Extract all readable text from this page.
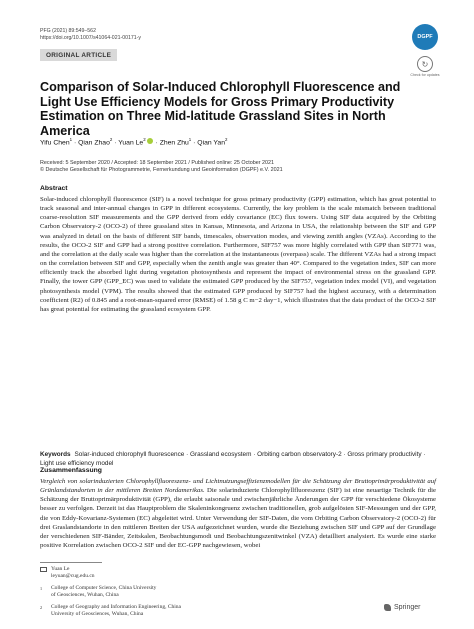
PFG (2021) 89:549–562
https://doi.org/10.1007/s41064-021-00171-y
ORIGINAL ARTICLE
DGPF
↻
Check for updates
Comparison of Solar-Induced Chlorophyll Fluorescence and Light Use Efficiency Models for Gross Primary Productivity Estimation on Three Mid-latitude Grassland Sites in North America
Yifu Chen$^1$ · Qian Zhao$^2$ · Yuan $Le^2$ · Zhen Zhu$^1$ · Qian Yan$^2$
Received: 5 September 2020 / Accepted: 18 September 2021 / Published online: 25 October 2021
© Deutsche Gesellschaft für Photogrammetrie, Fernerkundung und Geoinformation (DGPF) e.V. 2021
Abstract

Solar-induced chlorophyll fluorescence (SIF) is a novel technique for gross primary productivity (GPP) estimation, which has great potential to track seasonal and inter-annual changes in GPP in different ecosystems. Currently, the key problem is the scale mismatch between traditional coarse-resolution SIF measurements and the GPP derived from eddy covariance (EC) flux towers. Using SIF data acquired by the Orbiting Carbon Observatory-2 (OCO-2) of three grassland sites in Kansas, Minnesota, and Arizona in USA, the relationship between the SIF and GPP was analyzed in detail on the basis of different SIF bands, timescales, observation modes, and viewing zenith angles (VZAs). According to the results, the OCO-2 SIF and GPP had a strong positive correlation. Furthermore, SIF757 was more highly correlated with GPP than SIF771 was, and the correlation at the daily scale was higher than the correlation at the instantaneous (overpass) scale. The different VZAs had a strong impact on the correlation between SIF and GPP, especially when the zenith angle was greater than 40°. Compared to the vegetation index, SIF can more efficiently track the absorbed light during vegetation photosynthesis and represent the impact of environmental stress on the grassland GPP. Finally, the tower GPP (GPP_EC) was used to validate the estimated GPP produced by the SIF757, vegetation index model (VI), and vegetation photosynthesis model (VPM). The results showed that the estimated GPP produced by SIF757 had the highest accuracy, with a determination coefficient (R2) of 0.845 and a root-mean-squared error (RMSE) of 1.58 g C m−2 day−1, which illustrates that the data product of the OCO-2 SIF has great potential for estimating the grassland ecosystem GPP.

Keywords Solar-induced chlorophyll fluorescence · Grassland ecosystem · Orbiting carbon observatory-2 · Gross primary productivity · Light use efficiency model
Zusammenfassung
Vergleich von solarinduzierten Chlorophyllfluoreszenz- und Lichtnutzungseffizienzmodellen für die Schätzung der Bruttoprimärproduktivität auf Grünlandstandorten in der mittleren Breiten Nordamerikas. Die solarinduzierte Chlorophyllfluoreszenz (SIF) ist eine neuartige Technik für die Schätzung der Bruttoprimärproduktivität (GPP), die erlaubt saisonale und zwischenjährliche Änderungen der GPP für verschiedene Ökosysteme besser zu verfolgen. Derzeit ist das Hauptproblem die Skaleninkongruenz zwischen traditionellen, grob aufgelösten SIF-Messungen und der GPP, die von Eddy-Kovarianz-Systemen (EC) abgeleitet wird. Unter Verwendung der SIF-Daten, die vom Orbiting Carbon Observatory-2 (OCO-2) für drei Graslandstandorte in den mittleren Breiten der USA aufgezeichnet wurden, wurde die Beziehung zwischen SIF und GPP auf der Grundlage der verschiedenen SIF-Bänder, Zeitskalen, Beobachtungsmodi und Beobachtungszenitwinkel (VZA) detailliert analysiert. Es wurde eine starke positive Korrelation zwischen OCO-2 SIF und der EC-GPP nachgewiesen, wobei
Yuan Le
leyuan@cug.edu.cn
1 College of Computer Science, China University
of Geosciences, Wuhan, China
2 College of Geography and Information Engineering, China
University of Geosciences, Wuhan, China
Springer
